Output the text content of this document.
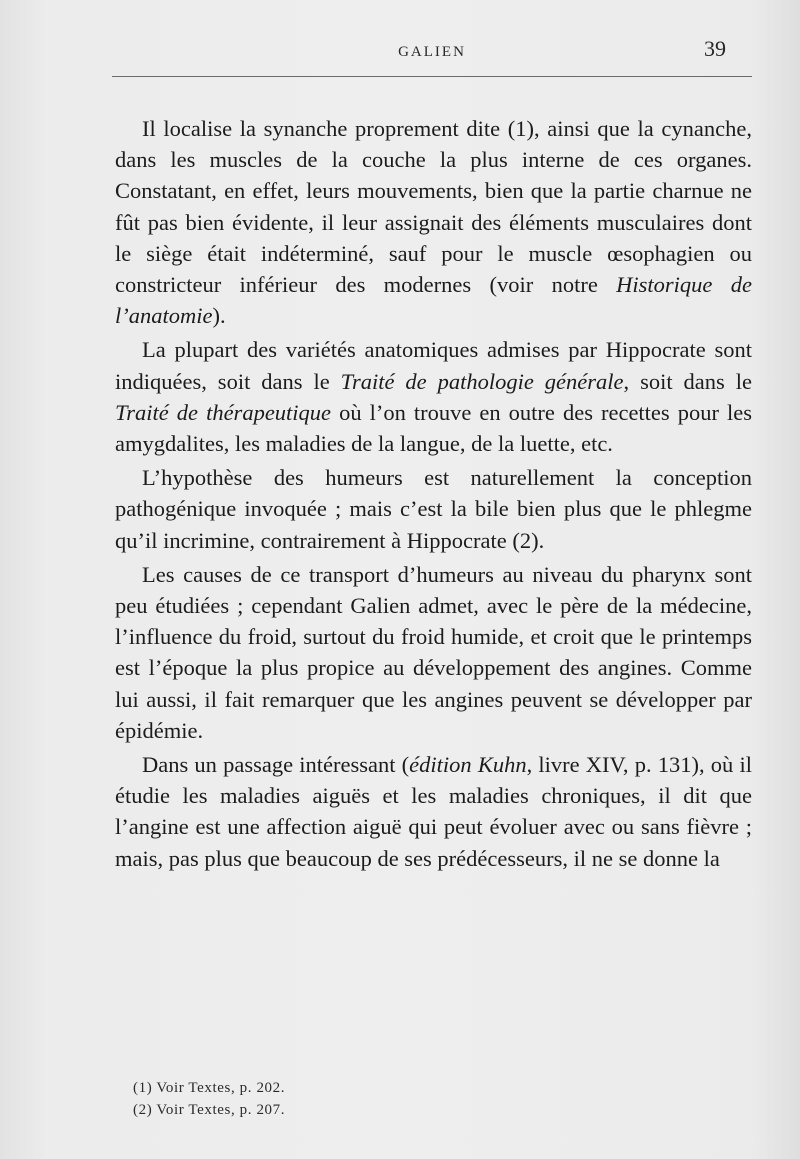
GALIEN	39

Il localise la synanche proprement dite (1), ainsi que la cynanche, dans les muscles de la couche la plus interne de ces organes. Constatant, en effet, leurs mouvements, bien que la partie charnue ne fût pas bien évidente, il leur assignait des éléments musculaires dont le siège était indéterminé, sauf pour le muscle œsophagien ou constricteur inférieur des modernes (voir notre Historique de l’anatomie).

La plupart des variétés anatomiques admises par Hippocrate sont indiquées, soit dans le Traité de pathologie générale, soit dans le Traité de thérapeutique où l’on trouve en outre des recettes pour les amygdalites, les maladies de la langue, de la luette, etc.

L’hypothèse des humeurs est naturellement la conception pathogénique invoquée ; mais c’est la bile bien plus que le phlegme qu’il incrimine, contrairement à Hippocrate (2).

Les causes de ce transport d’humeurs au niveau du pharynx sont peu étudiées ; cependant Galien admet, avec le père de la médecine, l’influence du froid, surtout du froid humide, et croit que le printemps est l’époque la plus propice au développement des angines. Comme lui aussi, il fait remarquer que les angines peuvent se développer par épidémie.

Dans un passage intéressant (édition Kuhn, livre XIV, p. 131), où il étudie les maladies aiguës et les maladies chroniques, il dit que l’angine est une affection aiguë qui peut évoluer avec ou sans fièvre ; mais, pas plus que beaucoup de ses prédécesseurs, il ne se donne la

(1) Voir Textes, p. 202.
(2) Voir Textes, p. 207.
